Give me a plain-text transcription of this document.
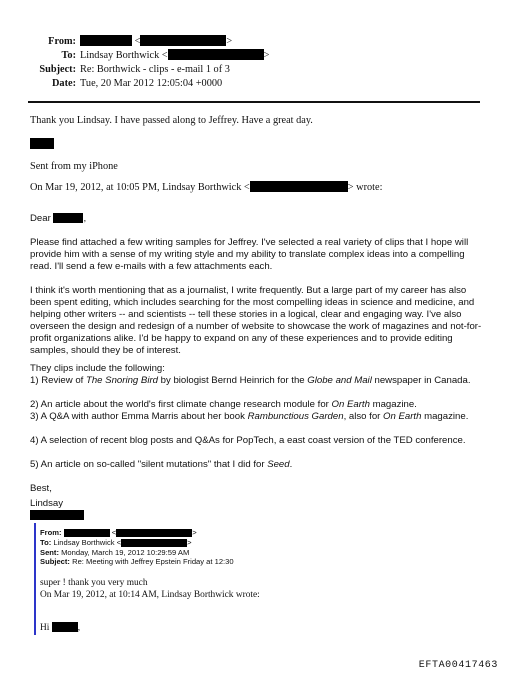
From:	<	>
To: Lindsay Borthwick <	>
Subject: Re: Borthwick - clips - e-mail 1 of 3
Date: Tue, 20 Mar 2012 12:05:04 +0000

Thank you Lindsay. I have passed along to Jeffrey. Have a great day.

Sent from my iPhone

On Mar 19, 2012, at 10:05 PM, Lindsay Borthwick <	> wrote:

Dear	,

Please find attached a few writing samples for Jeffrey. I've selected a real variety of clips that I hope will provide him with a sense of my writing style and my ability to translate complex ideas into a compelling read. I'll send a few e-mails with a few attachments each.

I think it's worth mentioning that as a journalist, I write frequently. But a large part of my career has also been spent editing, which includes searching for the most compelling ideas in science and medicine, and helping other writers -- and scientists -- tell these stories in a logical, clear and engaging way. I've also overseen the design and redesign of a number of website to showcase the work of magazines and not-for-profit organizations alike. I'd be happy to expand on any of these experiences and to provide editing samples, should they be of interest.

They clips include the following:

1) Review of The Snoring Bird by biologist Bernd Heinrich for the Globe and Mail newspaper in Canada.

2) An article about the world's first climate change research module for On Earth magazine.

3) A Q&A with author Emma Marris about her book Rambunctious Garden, also for On Earth magazine.

4) A selection of recent blog posts and Q&As for PopTech, a east coast version of the TED conference.

5) An article on so-called "silent mutations" that I did for Seed.

Best,

Lindsay

From:	<	>
To: Lindsay Borthwick <	>
Sent: Monday, March 19, 2012 10:29:59 AM
Subject: Re: Meeting with Jeffrey Epstein Friday at 12:30
super ! thank you very much
On Mar 19, 2012, at 10:14 AM, Lindsay Borthwick wrote:
Hi	,
EFTA00417463
